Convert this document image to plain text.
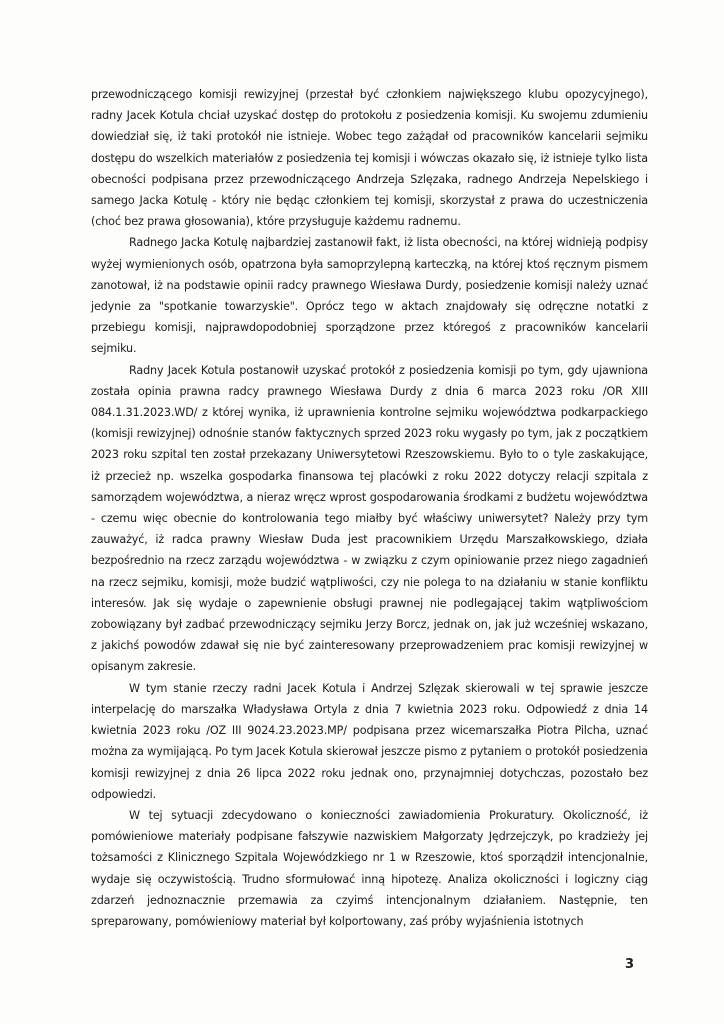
przewodniczącego komisji rewizyjnej (przestał być członkiem największego klubu opozycyjnego), radny Jacek Kotula chciał uzyskać dostęp do protokołu z posiedzenia komisji. Ku swojemu zdumieniu dowiedział się, iż taki protokół nie istnieje. Wobec tego zażądał od pracowników kancelarii sejmiku dostępu do wszelkich materiałów z posiedzenia tej komisji i wówczas okazało się, iż istnieje tylko lista obecności podpisana przez przewodniczącego Andrzeja Szlęzaka, radnego Andrzeja Nepelskiego i samego Jacka Kotulę - który nie będąc członkiem tej komisji, skorzystał z prawa do uczestniczenia (choć bez prawa głosowania), które przysługuje każdemu radnemu.

Radnego Jacka Kotulę najbardziej zastanowił fakt, iż lista obecności, na której widnieją podpisy wyżej wymienionych osób, opatrzona była samoprzylepną karteczką, na której ktoś ręcznym pismem zanotował, iż na podstawie opinii radcy prawnego Wiesława Durdy, posiedzenie komisji należy uznać jedynie za "spotkanie towarzyskie". Oprócz tego w aktach znajdowały się odręczne notatki z przebiegu komisji, najprawdopodobniej sporządzone przez któregoś z pracowników kancelarii sejmiku.

Radny Jacek Kotula postanowił uzyskać protokół z posiedzenia komisji po tym, gdy ujawniona została opinia prawna radcy prawnego Wiesława Durdy z dnia 6 marca 2023 roku /OR XIII 084.1.31.2023.WD/ z której wynika, iż uprawnienia kontrolne sejmiku województwa podkarpackiego (komisji rewizyjnej) odnośnie stanów faktycznych sprzed 2023 roku wygasły po tym, jak z początkiem 2023 roku szpital ten został przekazany Uniwersytetowi Rzeszowskiemu. Było to o tyle zaskakujące, iż przecież np. wszelka gospodarka finansowa tej placówki z roku 2022 dotyczy relacji szpitala z samorządem województwa, a nieraz wręcz wprost gospodarowania środkami z budżetu województwa - czemu więc obecnie do kontrolowania tego miałby być właściwy uniwersytet? Należy przy tym zauważyć, iż radca prawny Wiesław Duda jest pracownikiem Urzędu Marszałkowskiego, działa bezpośrednio na rzecz zarządu województwa - w związku z czym opiniowanie przez niego zagadnień na rzecz sejmiku, komisji, może budzić wątpliwości, czy nie polega to na działaniu w stanie konfliktu interesów. Jak się wydaje o zapewnienie obsługi prawnej nie podlegającej takim wątpliwościom zobowiązany był zadbać przewodniczący sejmiku Jerzy Borcz, jednak on, jak już wcześniej wskazano, z jakichś powodów zdawał się nie być zainteresowany przeprowadzeniem prac komisji rewizyjnej w opisanym zakresie.

W tym stanie rzeczy radni Jacek Kotula i Andrzej Szlęzak skierowali w tej sprawie jeszcze interpelację do marszałka Władysława Ortyla z dnia 7 kwietnia 2023 roku. Odpowiedź z dnia 14 kwietnia 2023 roku /OZ III 9024.23.2023.MP/ podpisana przez wicemarszałka Piotra Pilcha, uznać można za wymijającą. Po tym Jacek Kotula skierował jeszcze pismo z pytaniem o protokół posiedzenia komisji rewizyjnej z dnia 26 lipca 2022 roku jednak ono, przynajmniej dotychczas, pozostało bez odpowiedzi.

W tej sytuacji zdecydowano o konieczności zawiadomienia Prokuratury. Okoliczność, iż pomówieniowe materiały podpisane fałszywie nazwiskiem Małgorzaty Jędrzejczyk, po kradzieży jej tożsamości z Klinicznego Szpitala Wojewódzkiego nr 1 w Rzeszowie, ktoś sporządził intencjonalnie, wydaje się oczywistością. Trudno sformułować inną hipotezę. Analiza okoliczności i logiczny ciąg zdarzeń jednoznacznie przemawia za czyimś intencjonalnym działaniem. Następnie, ten spreparowany, pomówieniowy materiał był kolportowany, zaś próby wyjaśnienia istotnych

3
